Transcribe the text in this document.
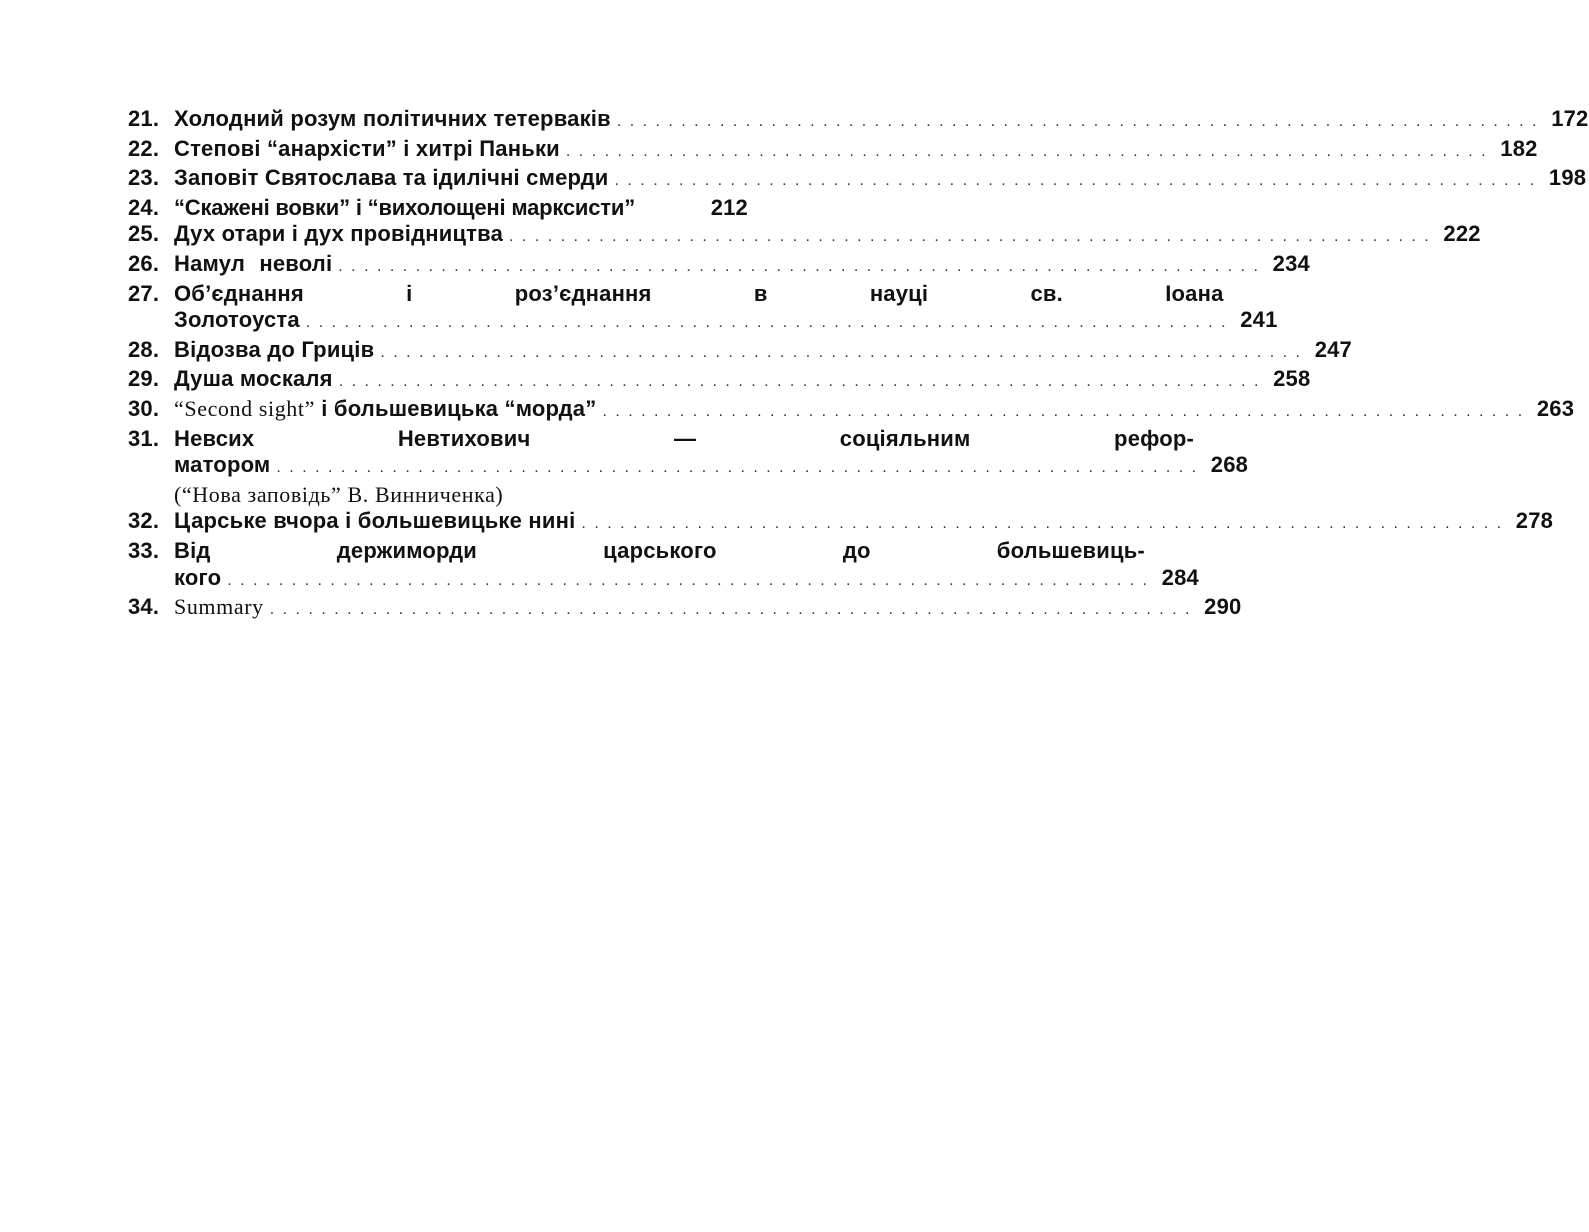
21. Холодний розум політичних тетерваків . . .	172
22. Степові “анархісти” і хитрі Паньки . . .	182
23. Заповіт Святослава та ідилічні смерди . . .	198
24. “Скажені вовки” і “вихолощені марксисти”	212
25. Дух отари і дух провідництва . . .	222
26. Намул неволі . . .	234
27. Об’єднання і роз’єднання в науці св. Іоана
Золотоуста . . .	241
28. Відозва до Гриців . . .	247
29. Душа москаля . . .	258
30. “Second sight” і большевицька “морда” . . .	263
31. Невсих Невтихович — соціяльним рефор-
матором . . .	268
(“Нова заповідь” В. Винниченка)
32. Царське вчора і большевицьке нині . . .	278
33. Від держиморди царського до большевиць-
кого . . .	284
34. Summary . . .	290
